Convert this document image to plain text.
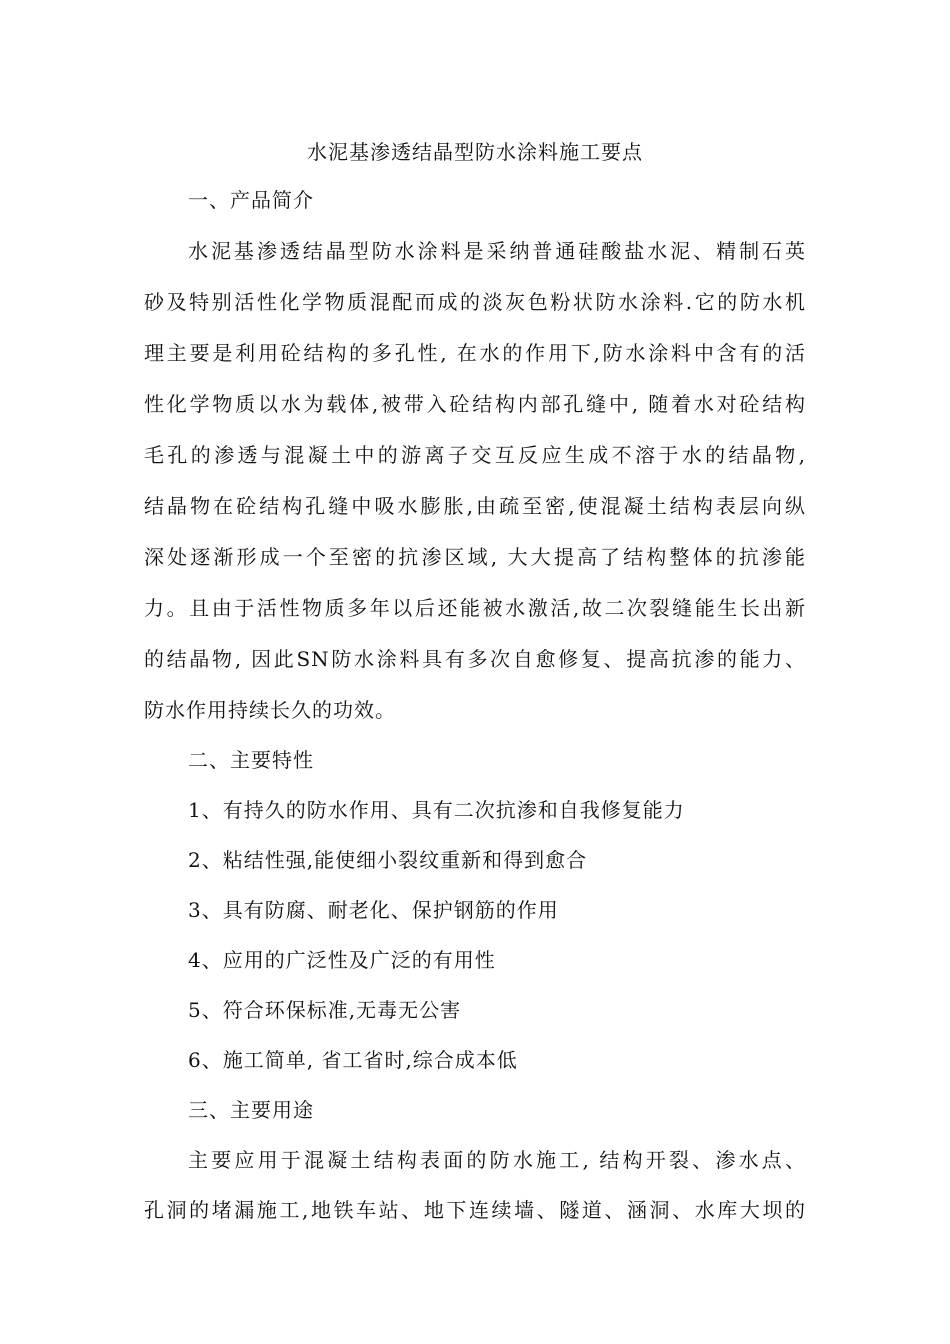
水泥基渗透结晶型防水涂料施工要点
一、产品简介
水泥基渗透结晶型防水涂料是采纳普通硅酸盐水泥、精制石英
砂及特别活性化学物质混配而成的淡灰色粉状防水涂料.它的防水机
理主要是利用砼结构的多孔性, 在水的作用下,防水涂料中含有的活
性化学物质以水为载体,被带入砼结构内部孔缝中, 随着水对砼结构
毛孔的渗透与混凝土中的游离子交互反应生成不溶于水的结晶物,
结晶物在砼结构孔缝中吸水膨胀,由疏至密,使混凝土结构表层向纵
深处逐渐形成一个至密的抗渗区域, 大大提高了结构整体的抗渗能
力。且由于活性物质多年以后还能被水激活,故二次裂缝能生长出新
的结晶物, 因此SN防水涂料具有多次自愈修复、提高抗渗的能力、
防水作用持续长久的功效。
二、主要特性
1、有持久的防水作用、具有二次抗渗和自我修复能力
2、粘结性强,能使细小裂纹重新和得到愈合
3、具有防腐、耐老化、保护钢筋的作用
4、应用的广泛性及广泛的有用性
5、符合环保标准,无毒无公害
6、施工简单, 省工省时,综合成本低
三、主要用途
主要应用于混凝土结构表面的防水施工, 结构开裂、渗水点、
孔洞的堵漏施工,地铁车站、地下连续墙、隧道、涵洞、水库大坝的
